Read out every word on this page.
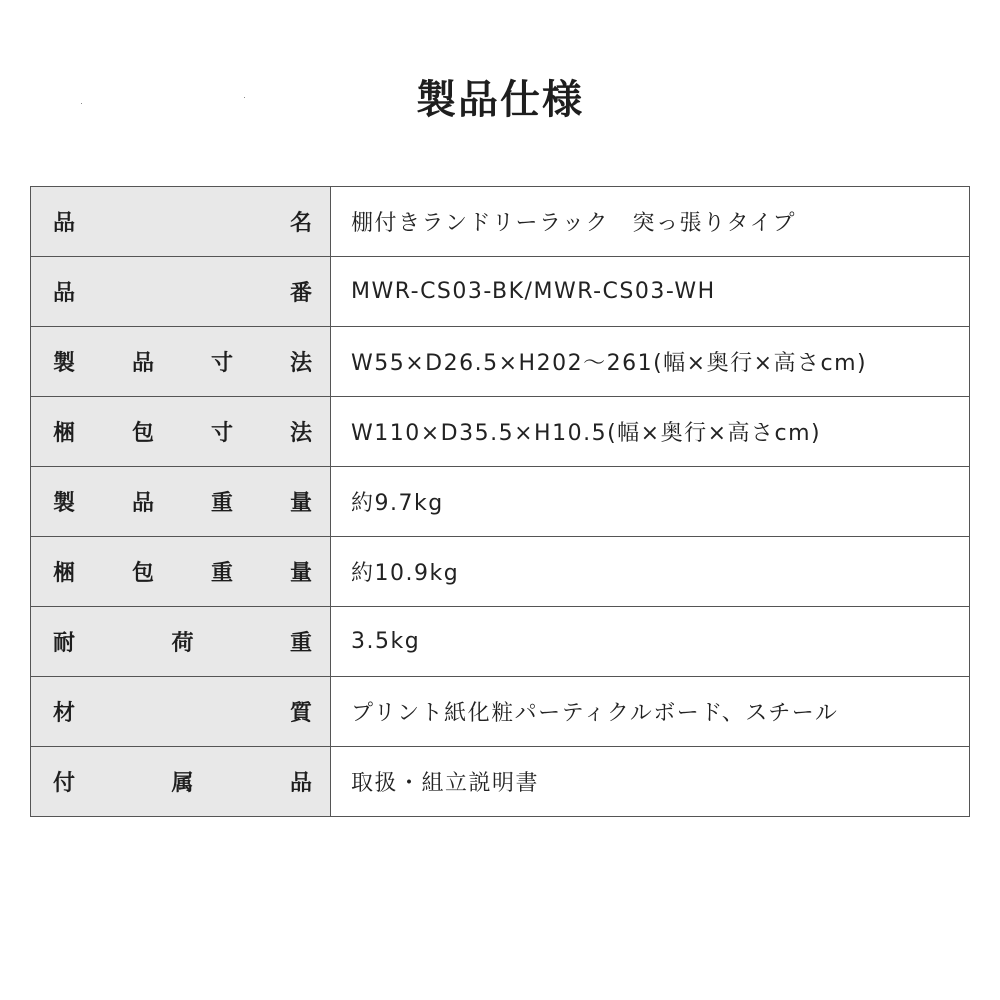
製品仕様
品 名	棚付きランドリーラック　突っ張りタイプ

品 番	MWR-CS03-BK/MWR-CS03-WH

製 品 寸 法	W55×D26.5×H202〜261(幅×奥行×高さcm)

梱 包 寸 法	W110×D35.5×H10.5(幅×奥行×高さcm)

製 品 重 量	約9.7kg

梱 包 重 量	約10.9kg

耐 荷 重	3.5kg

材 質	プリント紙化粧パーティクルボード、スチール

付 属 品	取扱・組立説明書
